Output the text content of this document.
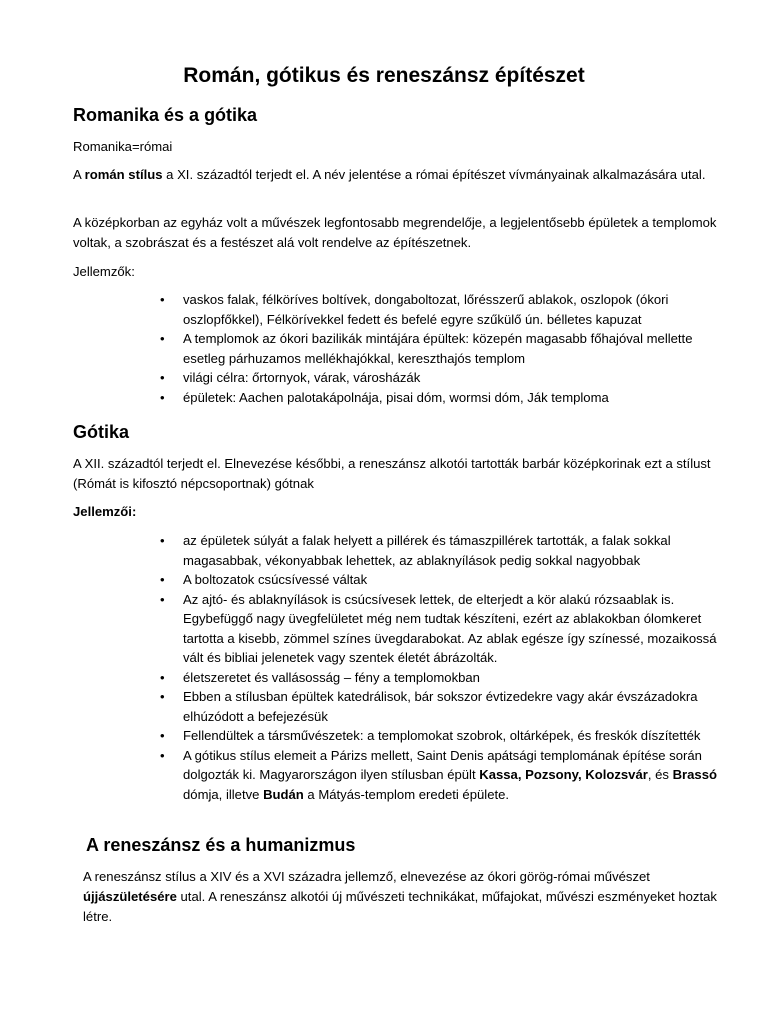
Román, gótikus és reneszánsz építészet
Romanika és a gótika

Romanika=római

A román stílus a XI. századtól terjedt el. A név jelentése a római építészet vívmányainak alkalmazására utal.

A középkorban az egyház volt a művészek legfontosabb megrendelője, a legjelentősebb épületek a templomok voltak, a szobrászat és a festészet alá volt rendelve az építészetnek.

Jellemzők:

•	vaskos falak, félköríves boltívek, dongaboltozat, lőrésszerű ablakok, oszlopok (ókori oszlopfőkkel), Félkörívekkel fedett és befelé egyre szűkülő ún. bélletes kapuzat
•	A templomok az ókori bazilikák mintájára épültek: közepén magasabb főhajóval mellette esetleg párhuzamos mellékhajókkal, kereszthajós templom
•	világi célra: őrtornyok, várak, városházák
•	épületek: Aachen palotakápolnája, pisai dóm, wormsi dóm, Ják temploma
Gótika

A XII. századtól terjedt el. Elnevezése későbbi, a reneszánsz alkotói tartották barbár középkorinak ezt a stílust (Rómát is kifosztó népcsoportnak) gótnak

Jellemzői:

•	az épületek súlyát a falak helyett a pillérek és támaszpillérek tartották, a falak sokkal magasabbak, vékonyabbak lehettek, az ablaknyílások pedig sokkal nagyobbak
•	A boltozatok csúcsívessé váltak
•	Az ajtó- és ablaknyílások is csúcsívesek lettek, de elterjedt a kör alakú rózsaablak is. Egybefüggő nagy üvegfelületet még nem tudtak készíteni, ezért az ablakokban ólomkeret tartotta a kisebb, zömmel színes üvegdarabokat. Az ablak egésze így színessé, mozaikossá vált és bibliai jelenetek vagy szentek életét ábrázolták.
•	életszeretet és vallásosság – fény a templomokban
•	Ebben a stílusban épültek katedrálisok, bár sokszor évtizedekre vagy akár évszázadokra elhúzódott a befejezésük
•	Fellendültek a társművészetek: a templomokat szobrok, oltárképek, és freskók díszítették
•	A gótikus stílus elemeit a Párizs mellett, Saint Denis apátsági templomának építése során dolgozták ki. Magyarországon ilyen stílusban épült Kassa, Pozsony, Kolozsvár, és Brassó dómja, illetve Budán a Mátyás-templom eredeti épülete.
A reneszánsz és a humanizmus

A reneszánsz stílus a XIV és a XVI századra jellemző, elnevezése az ókori görög-római művészet újjászületésére utal. A reneszánsz alkotói új művészeti technikákat, műfajokat, művészi eszményeket hoztak létre.
